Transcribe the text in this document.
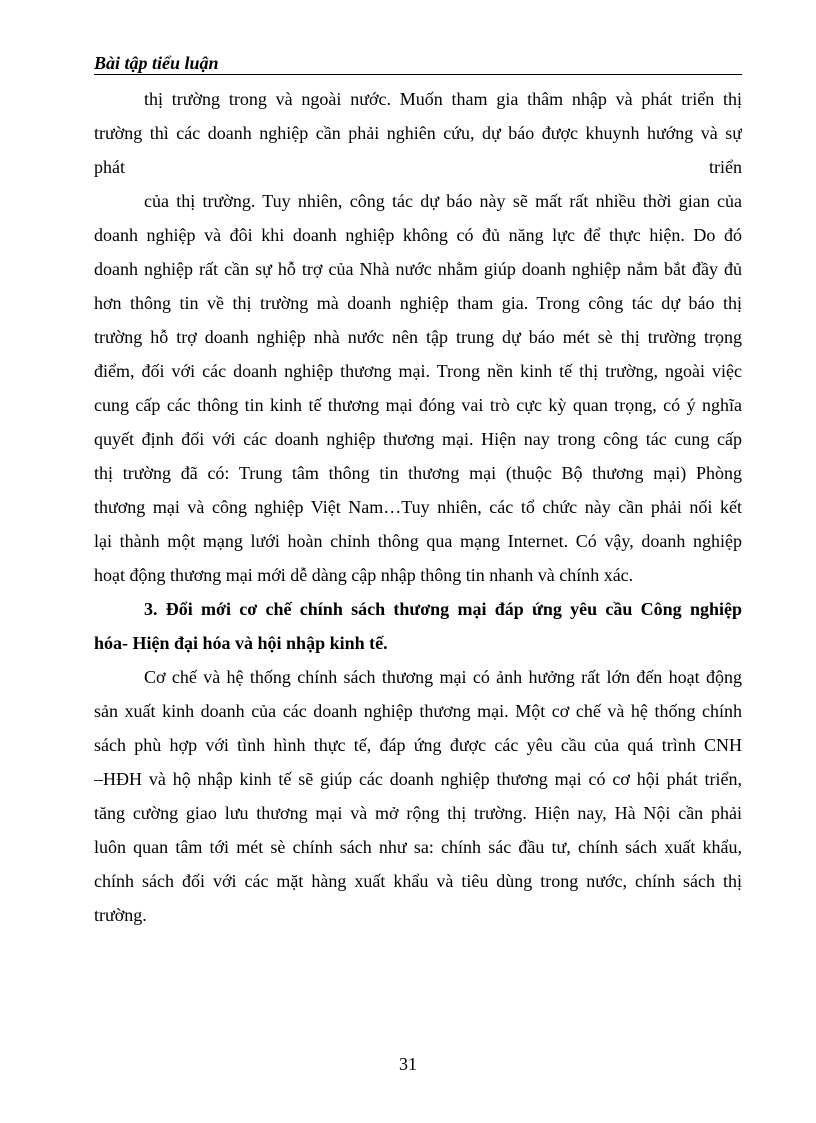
Bài tập tiểu luận
thị trường trong và ngoài nước. Muốn tham gia thâm nhập và phát triển thị
trường thì các doanh nghiệp cần phải nghiên cứu, dự báo được khuynh hướng và sự
phát	triển
của thị trường. Tuy nhiên, công tác dự báo này sẽ mất rất nhiều thời gian của
doanh nghiệp và đôi khi doanh nghiệp không có đủ năng lực để thực hiện. Do đó
doanh nghiệp rất cần sự hỗ trợ của Nhà nước nhằm giúp doanh nghiệp nắm bắt đầy đủ
hơn thông tin về thị trường mà doanh nghiệp tham gia. Trong công tác dự báo thị
trường hỗ trợ doanh nghiệp nhà nước nên tập trung dự báo mét sè thị trường trọng
điểm, đối với các doanh nghiệp thương mại. Trong nền kinh tế thị trường, ngoài việc
cung cấp các thông tin kinh tế thương mại đóng vai trò cực kỳ quan trọng, có ý nghĩa
quyết định đối với các doanh nghiệp thương mại. Hiện nay trong công tác cung cấp
thị trường đã có: Trung tâm thông tin thương mại (thuộc Bộ thương mại) Phòng
thương mại và công nghiệp Việt Nam…Tuy nhiên, các tổ chức này cần phải nối kết
lại thành một mạng lưới hoàn chỉnh thông qua mạng Internet. Có vậy, doanh nghiệp
hoạt động thương mại mới dễ dàng cập nhập thông tin nhanh và chính xác.
3. Đổi mới cơ chế chính sách thương mại đáp ứng yêu cầu Công nghiệp
hóa- Hiện đại hóa và hội nhập kinh tế.
Cơ chế và hệ thống chính sách thương mại có ảnh hưởng rất lớn đến hoạt động
sản xuất kinh doanh của các doanh nghiệp thương mại. Một cơ chế và hệ thống chính
sách phù hợp với tình hình thực tế, đáp ứng được các yêu cầu của quá trình CNH
–HĐH và hộ nhập kinh tế sẽ giúp các doanh nghiệp thương mại có cơ hội phát triển,
tăng cường giao lưu thương mại và mở rộng thị trường. Hiện nay, Hà Nội cần phải
luôn quan tâm tới mét sè chính sách như sa: chính sác đầu tư, chính sách xuất khẩu,
chính sách đối với các mặt hàng xuất khẩu và tiêu dùng trong nước, chính sách thị
trường.
31
